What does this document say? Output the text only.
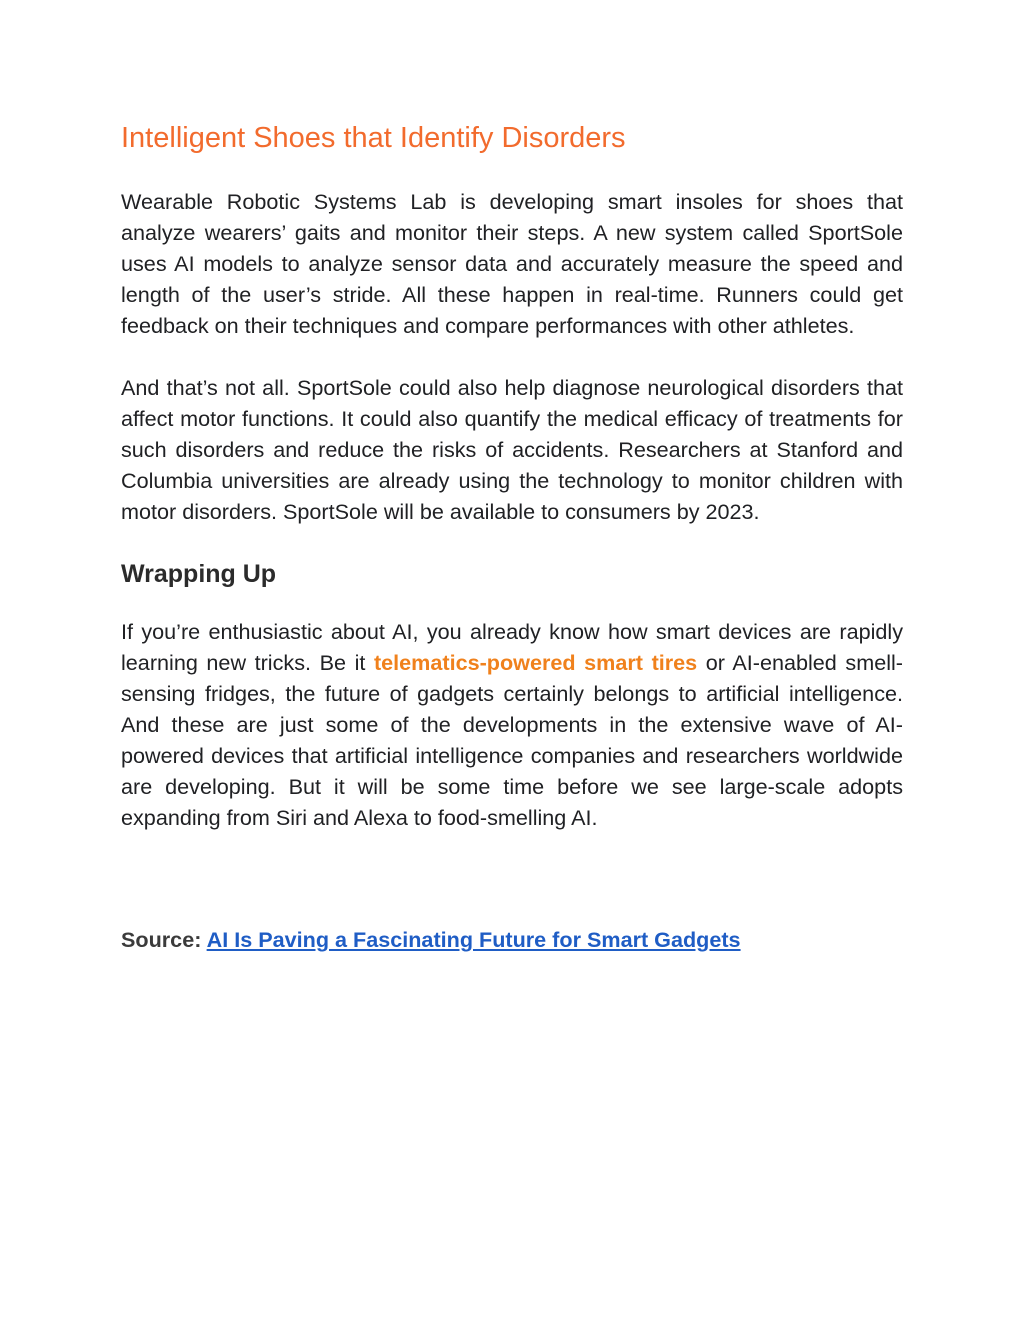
Intelligent Shoes that Identify Disorders

Wearable Robotic Systems Lab is developing smart insoles for shoes that analyze wearers’ gaits and monitor their steps. A new system called SportSole uses AI models to analyze sensor data and accurately measure the speed and length of the user’s stride. All these happen in real-time. Runners could get feedback on their techniques and compare performances with other athletes.

And that’s not all. SportSole could also help diagnose neurological disorders that affect motor functions. It could also quantify the medical efficacy of treatments for such disorders and reduce the risks of accidents. Researchers at Stanford and Columbia universities are already using the technology to monitor children with motor disorders. SportSole will be available to consumers by 2023.

Wrapping Up

If you’re enthusiastic about AI, you already know how smart devices are rapidly learning new tricks. Be it telematics-powered smart tires or AI-enabled smell-sensing fridges, the future of gadgets certainly belongs to artificial intelligence. And these are just some of the developments in the extensive wave of AI-powered devices that artificial intelligence companies and researchers worldwide are developing. But it will be some time before we see large-scale adopts expanding from Siri and Alexa to food-smelling AI.

Source: AI Is Paving a Fascinating Future for Smart Gadgets
